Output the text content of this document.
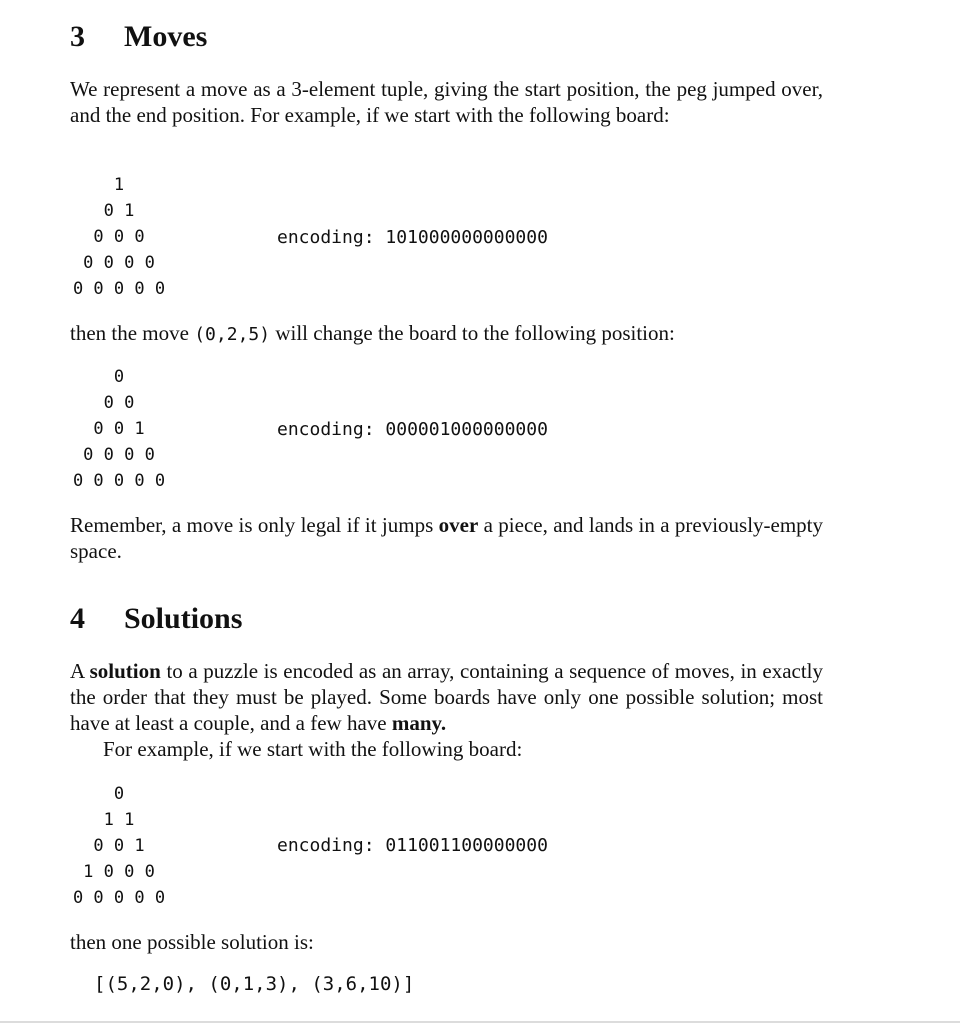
3 Moves

We represent a move as a 3-element tuple, giving the start position, the peg jumped over, and the end position. For example, if we start with the following board:

1
0 1
0 0 0
0 0 0 0
0 0 0 0 0
encoding: 101000000000000

then the move (0,2,5) will change the board to the following position:

0
0 0
0 0 1
0 0 0 0
0 0 0 0 0
encoding: 000001000000000

Remember, a move is only legal if it jumps over a piece, and lands in a previously-empty space.

4 Solutions

A solution to a puzzle is encoded as an array, containing a sequence of moves, in exactly the order that they must be played. Some boards have only one possible solution; most have at least a couple, and a few have many.

For example, if we start with the following board:

0
1 1
0 0 1
1 0 0 0
0 0 0 0 0
encoding: 011001100000000

then one possible solution is:

[(5,2,0), (0,1,3), (3,6,10)]
